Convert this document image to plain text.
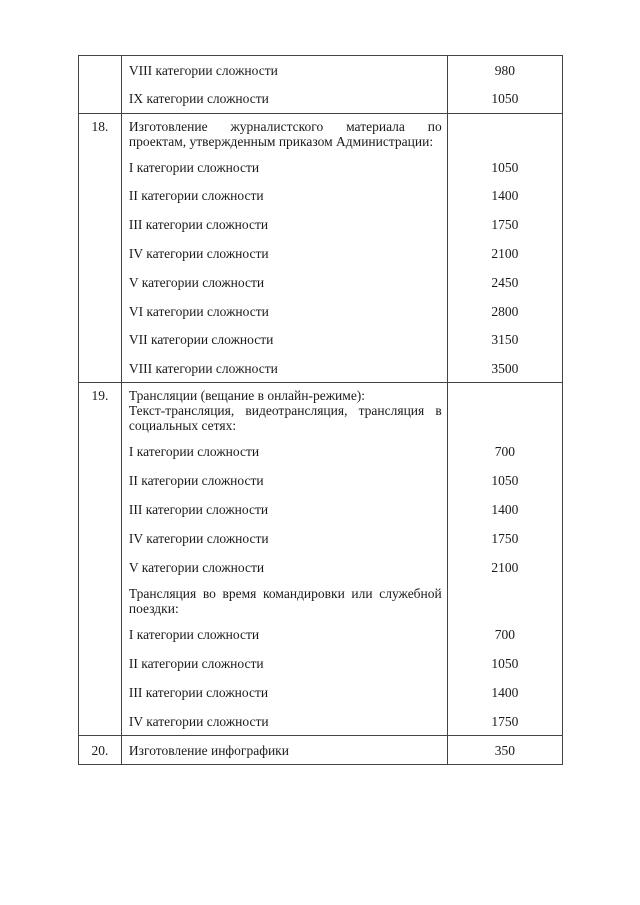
	VIII категории сложности	980
	IX категории сложности	1050
18.	Изготовление журналистского материала по проектам, утвержденным приказом Администрации:	
	I категории сложности	1050
	II категории сложности	1400
	III категории сложности	1750
	IV категории сложности	2100
	V категории сложности	2450
	VI категории сложности	2800
	VII категории сложности	3150
	VIII категории сложности	3500
19.	Трансляции (вещание в онлайн-режиме):
Текст-трансляция, видеотрансляция, трансляция в социальных сетях:	

	I категории сложности	700
	II категории сложности	1050
	III категории сложности	1400
	IV категории сложности	1750
	V категории сложности	2100
	Трансляция во время командировки или служебной поездки:	
	I категории сложности	700
	II категории сложности	1050
	III категории сложности	1400
	IV категории сложности	1750
20.	Изготовление инфографики	350
